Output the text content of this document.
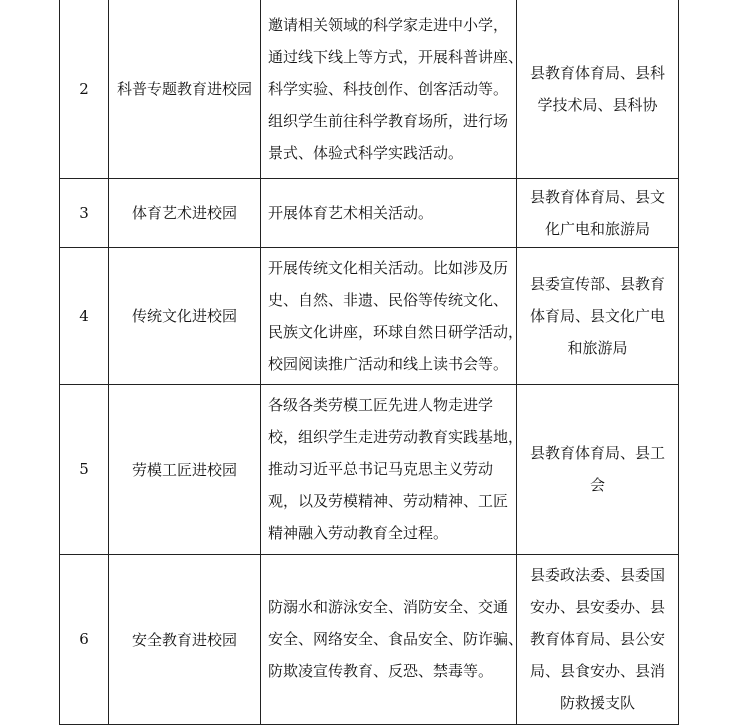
2	科普专题教育进校园	邀请相关领域的科学家走进中小学，
通过线下线上等方式，开展科普讲座、
科学实验、科技创作、创客活动等。
组织学生前往科学教育场所，进行场
景式、体验式科学实践活动。	县教育体育局、县科
学技术局、县科协

3	体育艺术进校园	开展体育艺术相关活动。	县教育体育局、县文
化广电和旅游局

4	传统文化进校园	开展传统文化相关活动。比如涉及历
史、自然、非遗、民俗等传统文化、
民族文化讲座，环球自然日研学活动，
校园阅读推广活动和线上读书会等。	县委宣传部、县教育
体育局、县文化广电
和旅游局

5	劳模工匠进校园	各级各类劳模工匠先进人物走进学
校，组织学生走进劳动教育实践基地，
推动习近平总书记马克思主义劳动
观，以及劳模精神、劳动精神、工匠
精神融入劳动教育全过程。	县教育体育局、县工
会

6	安全教育进校园	防溺水和游泳安全、消防安全、交通
安全、网络安全、食品安全、防诈骗、
防欺凌宣传教育、反恐、禁毒等。	县委政法委、县委国
安办、县安委办、县
教育体育局、县公安
局、县食安办、县消
防救援支队
